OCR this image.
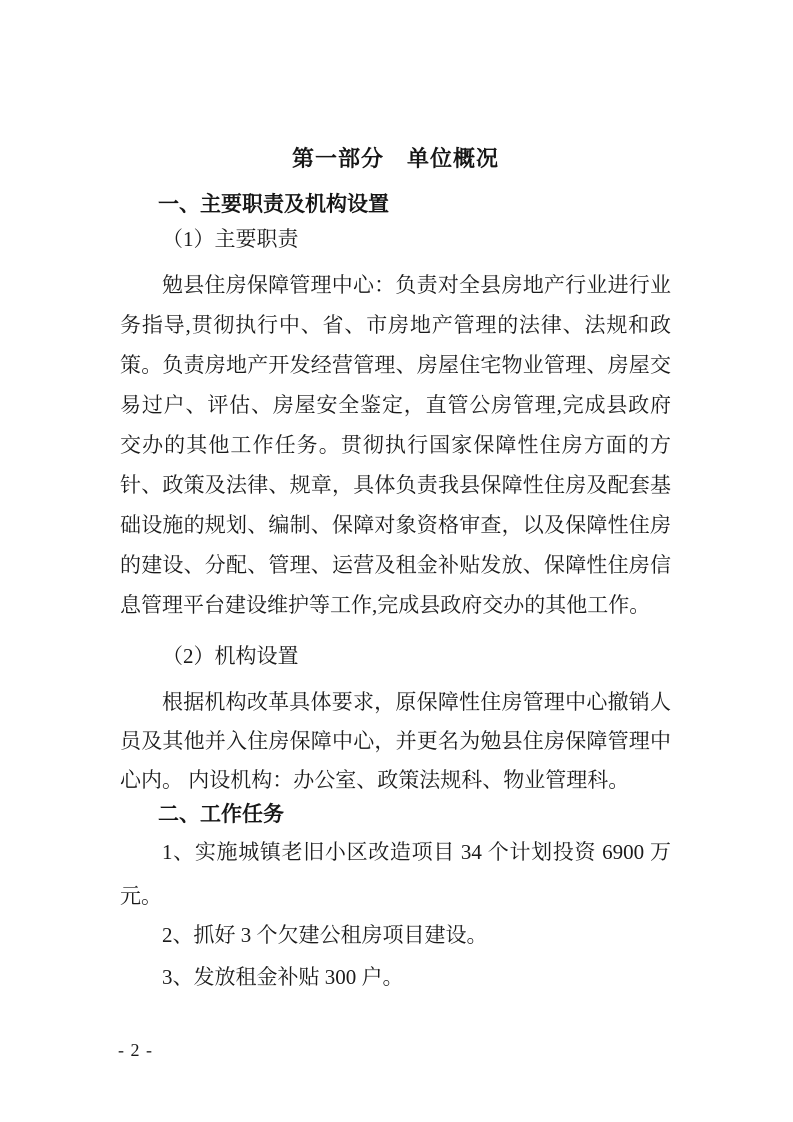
第一部分　单位概况
一、主要职责及机构设置
（1）主要职责
勉县住房保障管理中心：负责对全县房地产行业进行业
务指导,贯彻执行中、省、市房地产管理的法律、法规和政
策。负责房地产开发经营管理、房屋住宅物业管理、房屋交
易过户、评估、房屋安全鉴定，直管公房管理,完成县政府
交办的其他工作任务。贯彻执行国家保障性住房方面的方
针、政策及法律、规章，具体负责我县保障性住房及配套基
础设施的规划、编制、保障对象资格审查，以及保障性住房
的建设、分配、管理、运营及租金补贴发放、保障性住房信
息管理平台建设维护等工作,完成县政府交办的其他工作。
（2）机构设置
根据机构改革具体要求，原保障性住房管理中心撤销人
员及其他并入住房保障中心，并更名为勉县住房保障管理中
心内。 内设机构：办公室、政策法规科、物业管理科。
二、工作任务
1、实施城镇老旧小区改造项目 34 个计划投资 6900 万
元。
2、抓好 3 个欠建公租房项目建设。
3、发放租金补贴 300 户。
- 2 -
